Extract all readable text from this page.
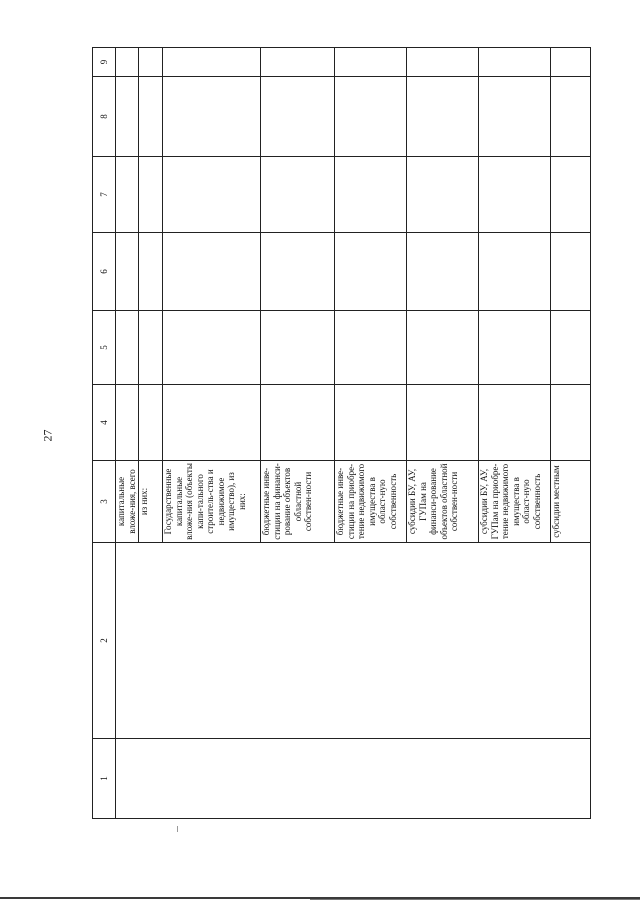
27
1	2	3	4	5	6	7	8	9
		капитальные вложе-ния, всего						
		из них:						
		Государственные капитальные вложе-ния (объекты капи-тального строитель-ства и недвижимое имущество), из них:						
		бюджетные инве-стиции на финанси-рование объектов областной собствен-ности						
		бюджетные инве-стиции на приобре-тение недвижимого имущества в област-ную собственность						
		субсидии БУ, АУ, ГУПам на финанси-рование объектов областной собствен-ности						
		субсидии БУ, АУ, ГУПам на приобре-тение недвижимого имущества в област-ную собственность						
		субсидии местным						
